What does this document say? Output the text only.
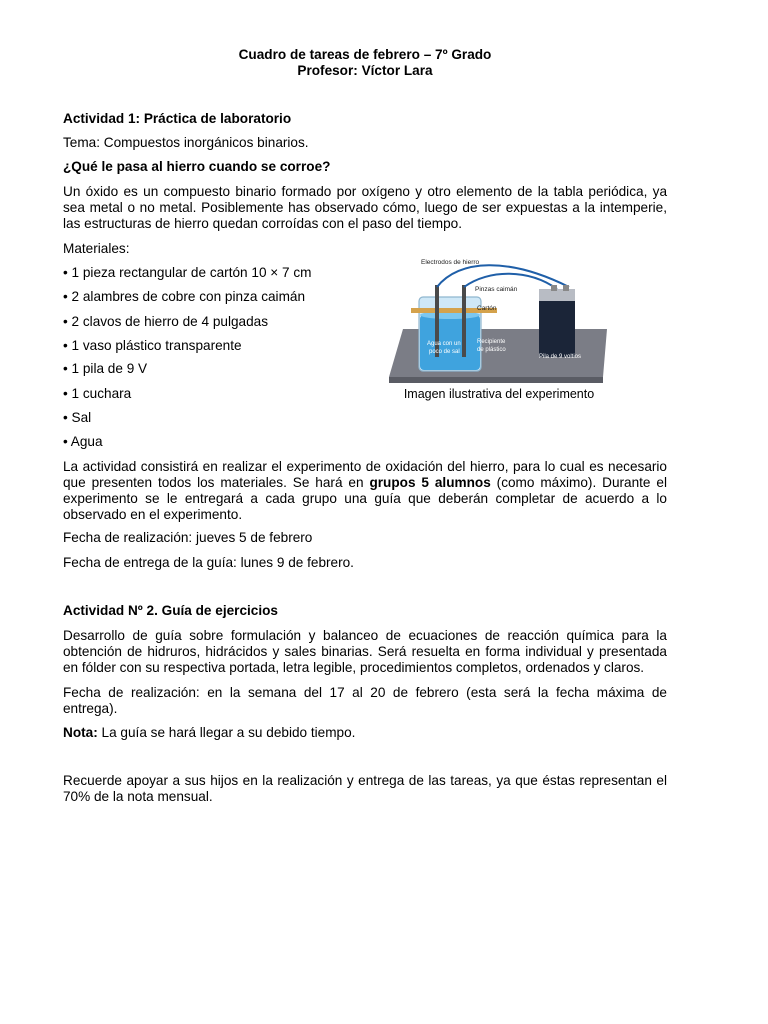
Cuadro de tareas de febrero – 7º Grado
Profesor: Víctor Lara
Actividad 1: Práctica de laboratorio
Tema: Compuestos inorgánicos binarios.
¿Qué le pasa al hierro cuando se corroe?
Un óxido es un compuesto binario formado por oxígeno y otro elemento de la tabla periódica, ya
sea metal o no metal. Posiblemente has observado cómo, luego de ser expuestas a la intemperie,
las estructuras de hierro quedan corroídas con el paso del tiempo.
Materiales:
• 1 pieza rectangular de cartón 10 × 7 cm
• 2 alambres de cobre con pinza caimán
• 2 clavos de hierro de 4 pulgadas
• 1 vaso plástico transparente
• 1 pila de 9 V
• 1 cuchara
• Sal
• Agua
Electrodos de hierro
Pinzas caimán
Cartón
Agua con un
poco de sal
Recipiente
de plástico
Pila de 9 voltios
Imagen ilustrativa del experimento
La actividad consistirá en realizar el experimento de oxidación del hierro, para lo cual es necesario
que presenten todos los materiales. Se hará en grupos 5 alumnos (como máximo). Durante el
experimento se le entregará a cada grupo una guía que deberán completar de acuerdo a lo
observado en el experimento.
Fecha de realización: jueves 5 de febrero
Fecha de entrega de la guía: lunes 9 de febrero.
Actividad Nº 2. Guía de ejercicios
Desarrollo de guía sobre formulación y balanceo de ecuaciones de reacción química para la
obtención de hidruros, hidrácidos y sales binarias. Será resuelta en forma individual y presentada
en fólder con su respectiva portada, letra legible, procedimientos completos, ordenados y claros.
Fecha de realización: en la semana del 17 al 20 de febrero (esta será la fecha máxima de
entrega).
Nota: La guía se hará llegar a su debido tiempo.
Recuerde apoyar a sus hijos en la realización y entrega de las tareas, ya que éstas representan el
70% de la nota mensual.
